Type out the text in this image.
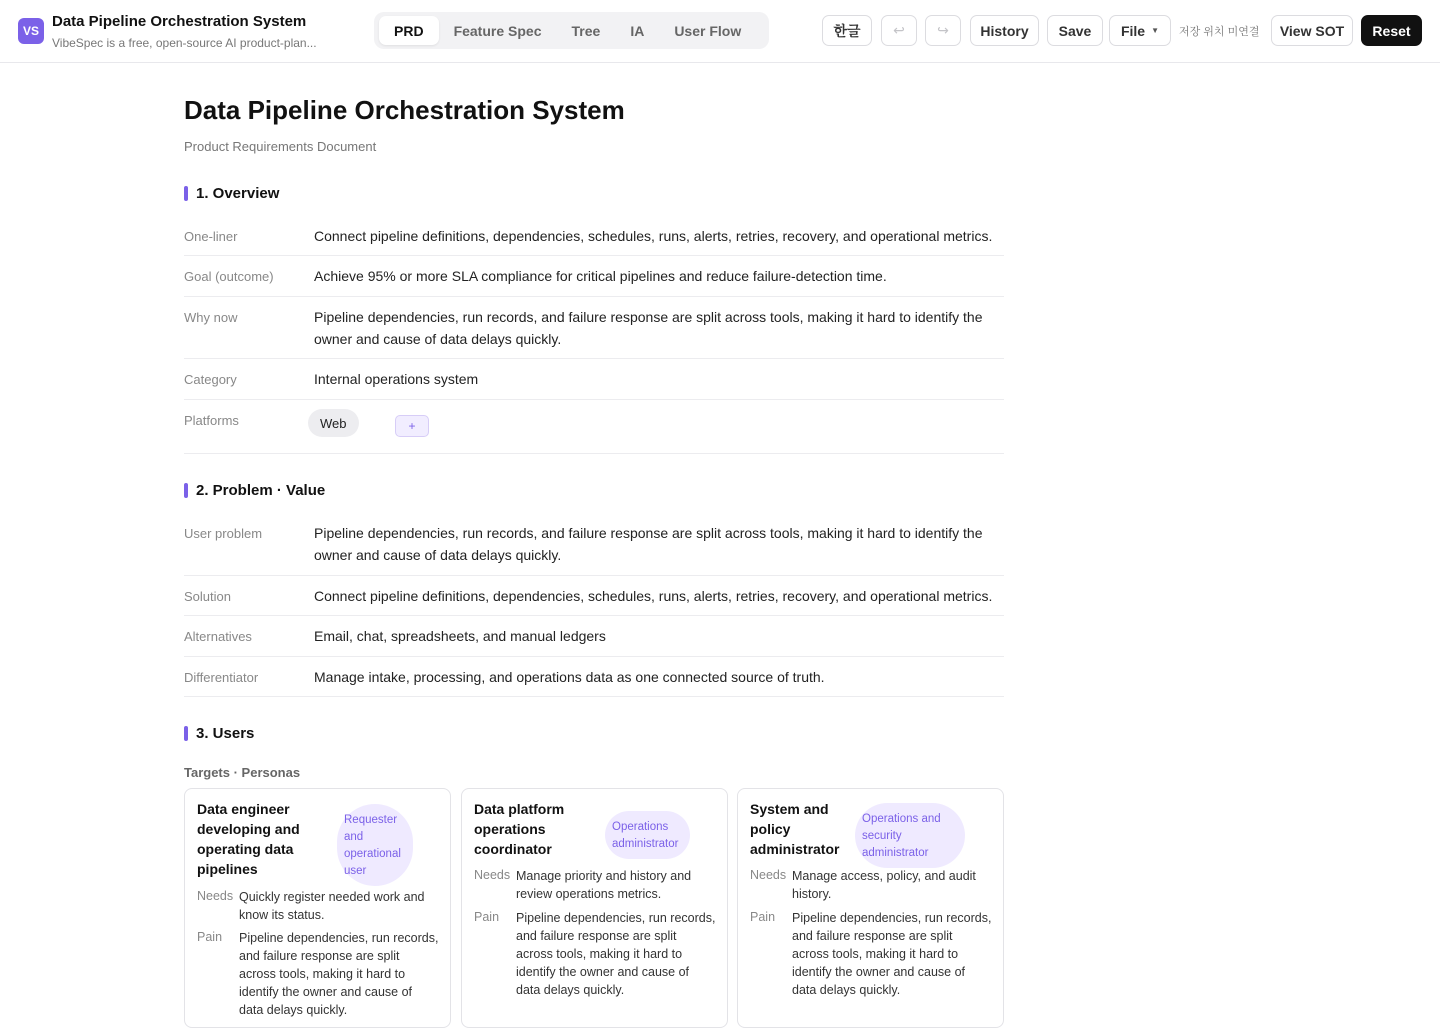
VS
Data Pipeline Orchestration System
VibeSpec is a free, open-source AI product-plan...
PRD	Feature Spec	Tree	IA	User Flow	한글	↩ ↪	History	Save	File ▼ 저장 위치 미연결	View SOT	Reset
Data Pipeline Orchestration System
Product Requirements Document
1. Overview
One-liner	Connect pipeline definitions, dependencies, schedules, runs, alerts, retries, recovery, and operational metrics.
Goal (outcome)	Achieve 95% or more SLA compliance for critical pipelines and reduce failure-detection time.
Why now	Pipeline dependencies, run records, and failure response are split across tools, making it hard to identify the owner and cause of data delays quickly.
Category	Internal operations system
Platforms	Web	+
2. Problem · Value
User problem	Pipeline dependencies, run records, and failure response are split across tools, making it hard to identify the owner and cause of data delays quickly.
Solution	Connect pipeline definitions, dependencies, schedules, runs, alerts, retries, recovery, and operational metrics.
Alternatives	Email, chat, spreadsheets, and manual ledgers
Differentiator	Manage intake, processing, and operations data as one connected source of truth.
3. Users
Targets · Personas
Data engineer developing and operating data pipelines
Requester and operational user
Needs Quickly register needed work and know its status.
Pain Pipeline dependencies, run records, and failure response are split across tools, making it hard to identify the owner and cause of data delays quickly.
Data platform operations coordinator
Operations administrator
Needs Manage priority and history and review operations metrics.
Pain Pipeline dependencies, run records, and failure response are split across tools, making it hard to identify the owner and cause of data delays quickly.
System and policy administrator
Operations and security administrator
Needs Manage access, policy, and audit history.
Pain Pipeline dependencies, run records, and failure response are split across tools, making it hard to identify the owner and cause of data delays quickly.
